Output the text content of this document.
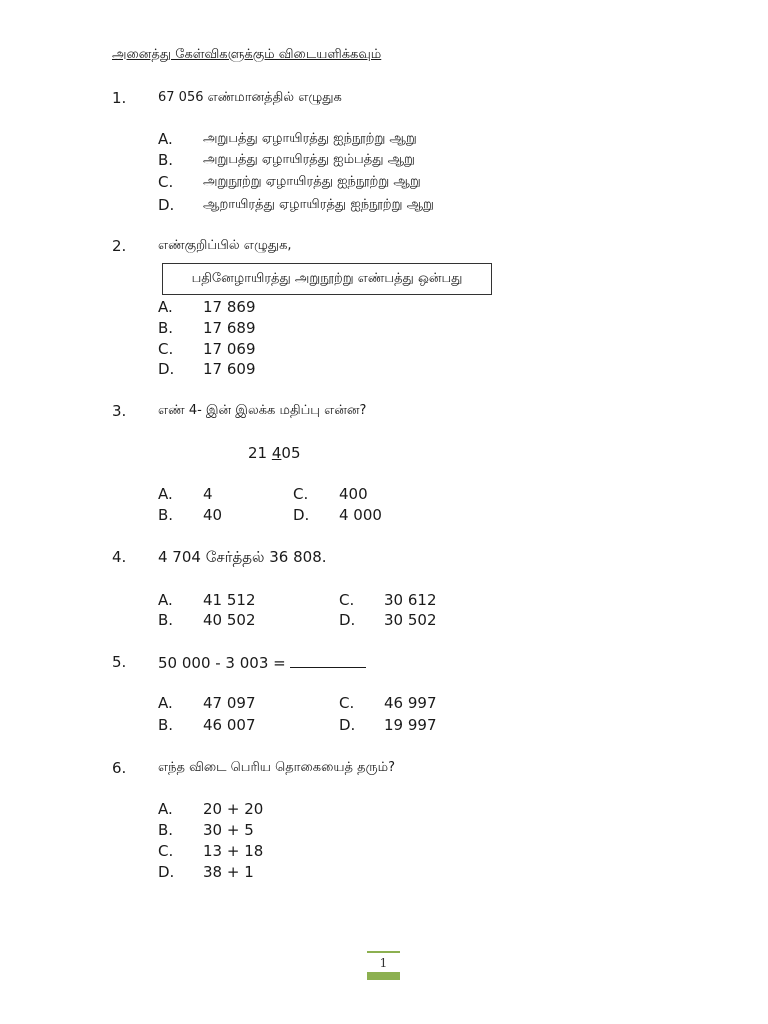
அனைத்து கேள்விகளுக்கும் விடையளிக்கவும்
1. 67 056 எண்மானத்தில் எழுதுக
A. அறுபத்து ஏழாயிரத்து ஐந்நூற்று ஆறு
B. அறுபத்து ஏழாயிரத்து ஐம்பத்து ஆறு
C. அறுநூற்று ஏழாயிரத்து ஐந்நூற்று ஆறு
D. ஆறாயிரத்து ஏழாயிரத்து ஐந்நூற்று ஆறு
2. எண்குறிப்பில் எழுதுக,
பதினேழாயிரத்து அறுநூற்று எண்பத்து ஒன்பது
A. 17 869
B. 17 689
C. 17 069
D. 17 609
3. எண் 4- இன் இலக்க மதிப்பு என்ன?
21 405
A. 4	C. 400
B. 40	D. 4 000
4. 4 704 சேர்த்தல் 36 808.
A. 41 512	C. 30 612
B. 40 502	D. 30 502
5. 50 000 - 3 003 =
A. 47 097	C. 46 997
B. 46 007	D. 19 997
6. எந்த விடை பெரிய தொகையைத் தரும்?
A. 20 + 20
B. 30 + 5
C. 13 + 18
D. 38 + 1
1
